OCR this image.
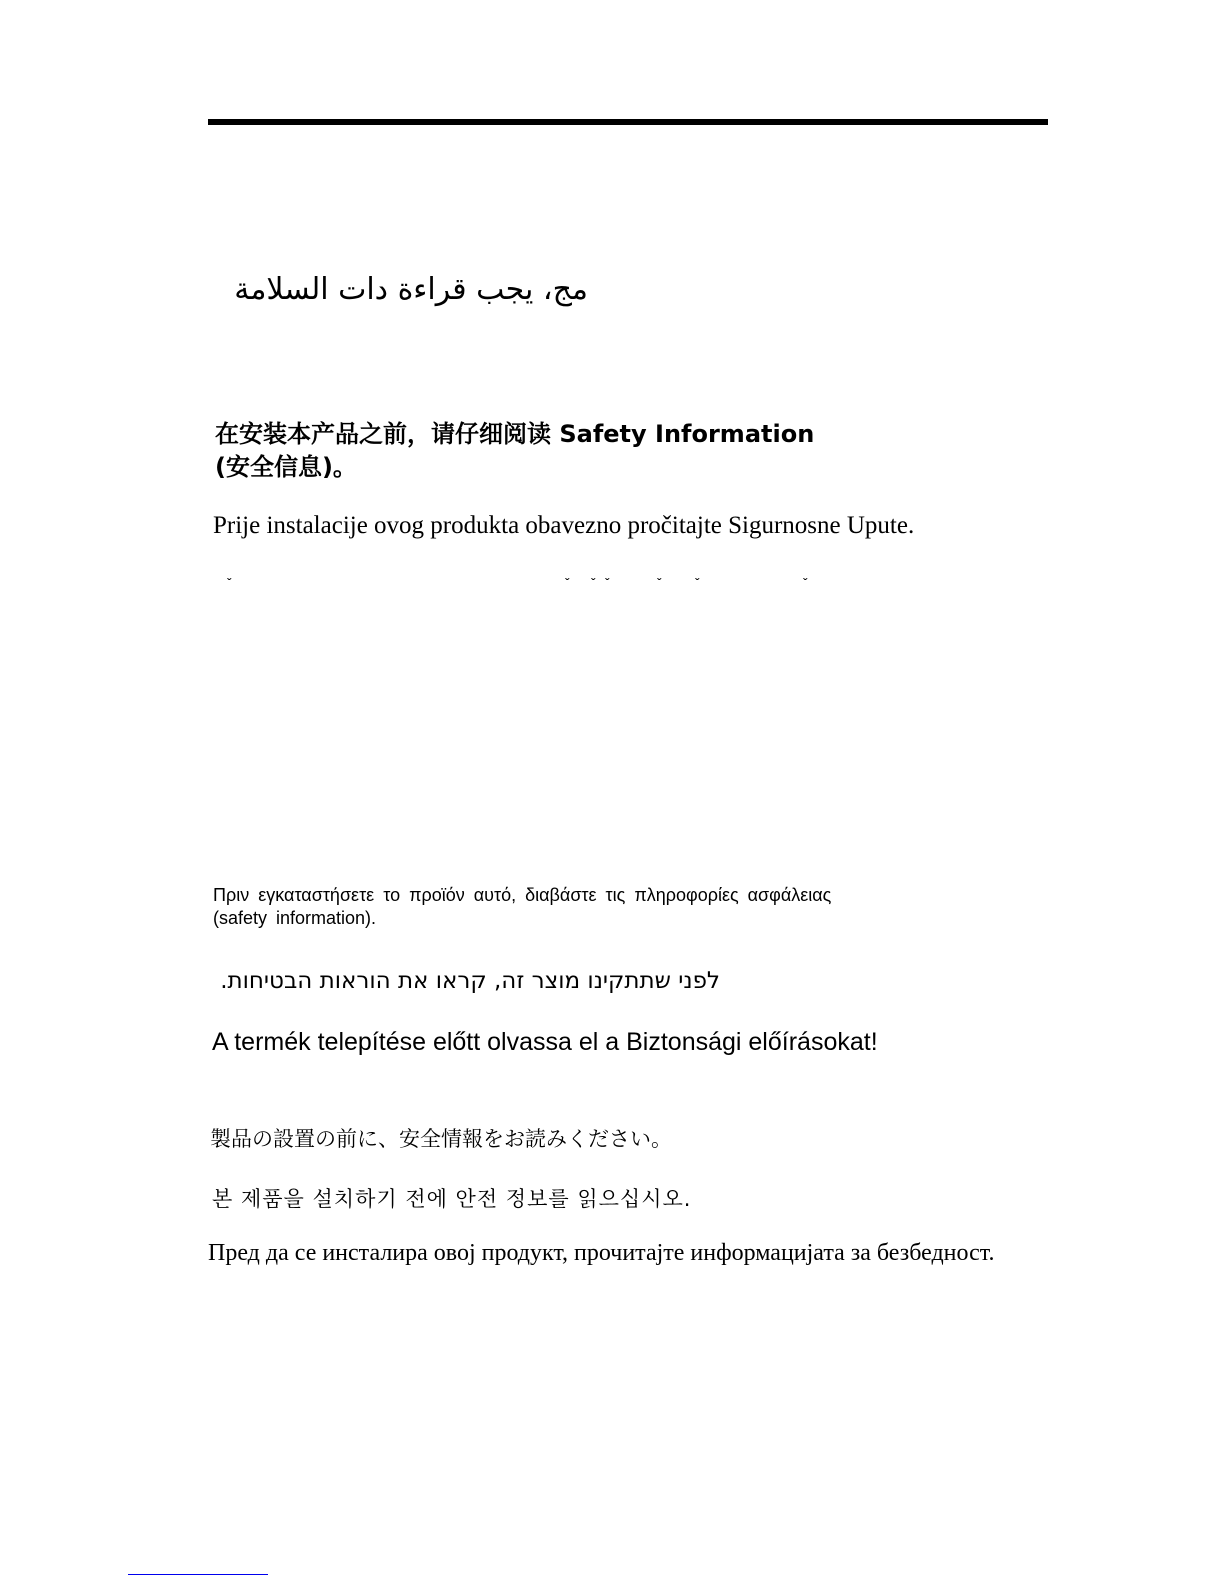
مج، يجب قراءة دات السلامة
在安装本产品之前，请仔细阅读 Safety Information
(安全信息)。
Prije instalacije ovog produkta obavezno pročitajte Sigurnosne Upute.
ˇ	ˇ ˇ ˇ	ˇ ˇ	ˇ
Πριν εγκαταστήσετε το προϊόν αυτό, διαβάστε τις πληροφορίες ασφάλειας
(safety information).
לפני שתתקינו מוצר זה, קראו את הוראות הבטיחות.
A termék telepítése előtt olvassa el a Biztonsági előírásokat!
製品の設置の前に、安全情報をお読みください。
본 제품을 설치하기 전에 안전 정보를 읽으십시오.
Пред да се инсталира овој продукт, прочитајте информацијата за безбедност.
